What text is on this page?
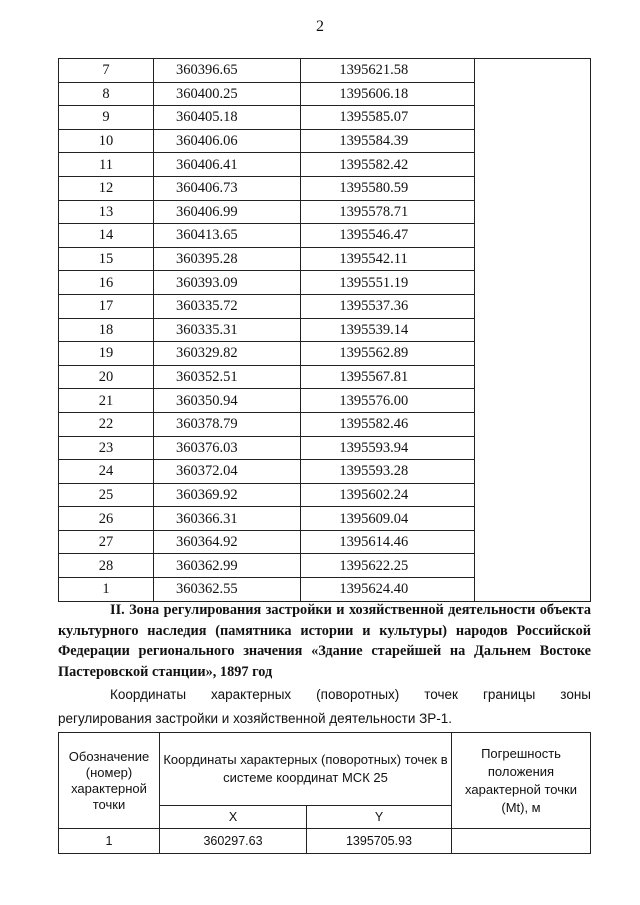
2
7	360396.65	1395621.58	
8	360400.25	1395606.18	
9	360405.18	1395585.07	
10	360406.06	1395584.39	
11	360406.41	1395582.42	
12	360406.73	1395580.59	
13	360406.99	1395578.71	
14	360413.65	1395546.47	
15	360395.28	1395542.11	
16	360393.09	1395551.19	
17	360335.72	1395537.36	
18	360335.31	1395539.14	
19	360329.82	1395562.89	
20	360352.51	1395567.81	
21	360350.94	1395576.00	
22	360378.79	1395582.46	
23	360376.03	1395593.94	
24	360372.04	1395593.28	
25	360369.92	1395602.24	
26	360366.31	1395609.04	
27	360364.92	1395614.46	
28	360362.99	1395622.25	
1	360362.55	1395624.40	
II. Зона регулирования застройки и хозяйственной деятельности объекта культурного наследия (памятника истории и культуры) народов Российской Федерации регионального значения «Здание старейшей на Дальнем Востоке Пастеровской станции», 1897 год
Координаты характерных (поворотных) точек границы зоны
регулирования застройки и хозяйственной деятельности ЗР-1.
Обозначение (номер) характерной точки	Координаты характерных (поворотных) точек в системе координат МСК 25		Погрешность положения характерной точки (Mt), м
	X	Y	
1	360297.63	1395705.93	
